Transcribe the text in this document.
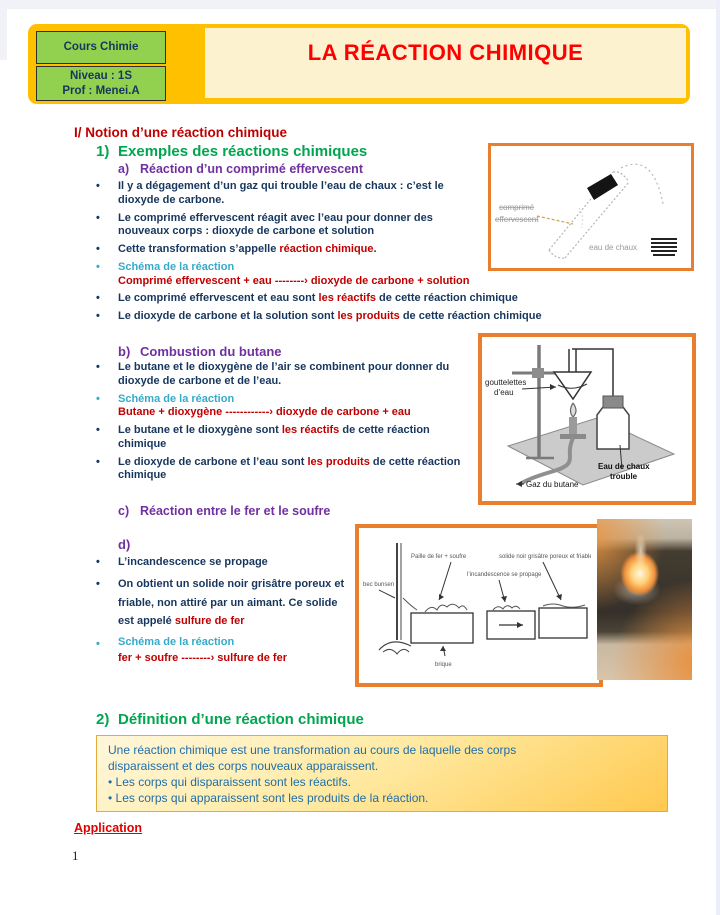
Cours Chimie
Niveau : 1S
Prof : Menei.A
LA RÉACTION CHIMIQUE
I/ Notion d’une réaction chimique
1) Exemples des réactions chimiques
a) Réaction d’un comprimé effervescent
•	Il y a dégagement d’un gaz qui trouble l’eau de chaux : c’est le dioxyde de carbone.
•	Le comprimé effervescent réagit avec l’eau pour donner des nouveaux corps : dioxyde de carbone et solution
•	Cette transformation s’appelle réaction chimique.
•	Schéma de la réaction
Comprimé effervescent + eau --------› dioxyde de carbone + solution
•	Le comprimé effervescent et eau sont les réactifs de cette réaction chimique
•	Le dioxyde de carbone et la solution sont les produits de cette réaction chimique
b) Combustion du butane
•	Le butane et le dioxygène de l’air se combinent pour donner du dioxyde de carbone et de l’eau.
•	Schéma de la réaction
Butane + dioxygène ------------› dioxyde de carbone + eau
•	Le butane et le dioxygène sont les réactifs de cette réaction chimique
•	Le dioxyde de carbone et l’eau sont les produits de cette réaction chimique
c) Réaction entre le fer et le soufre
d)
•	L’incandescence se propage
•	On obtient un solide noir grisâtre poreux et friable, non attiré par un aimant. Ce solide est appelé sulfure de fer
•	Schéma de la réaction
fer + soufre --------› sulfure de fer
2) Définition d’une réaction chimique
Une réaction chimique est une transformation au cours de laquelle des corps disparaissent et des corps nouveaux apparaissent.
• Les corps qui disparaissent sont les réactifs.
• Les corps qui apparaissent sont les produits de la réaction.
Application
1
comprimé
effervescent
eau de chaux
gouttelettes
d’eau
Eau de chaux
trouble
Gaz du butane
Paille de fer + soufre
bec bunsen
l’incandescence se propage
solide noir grisâtre poreux et friable
brique
